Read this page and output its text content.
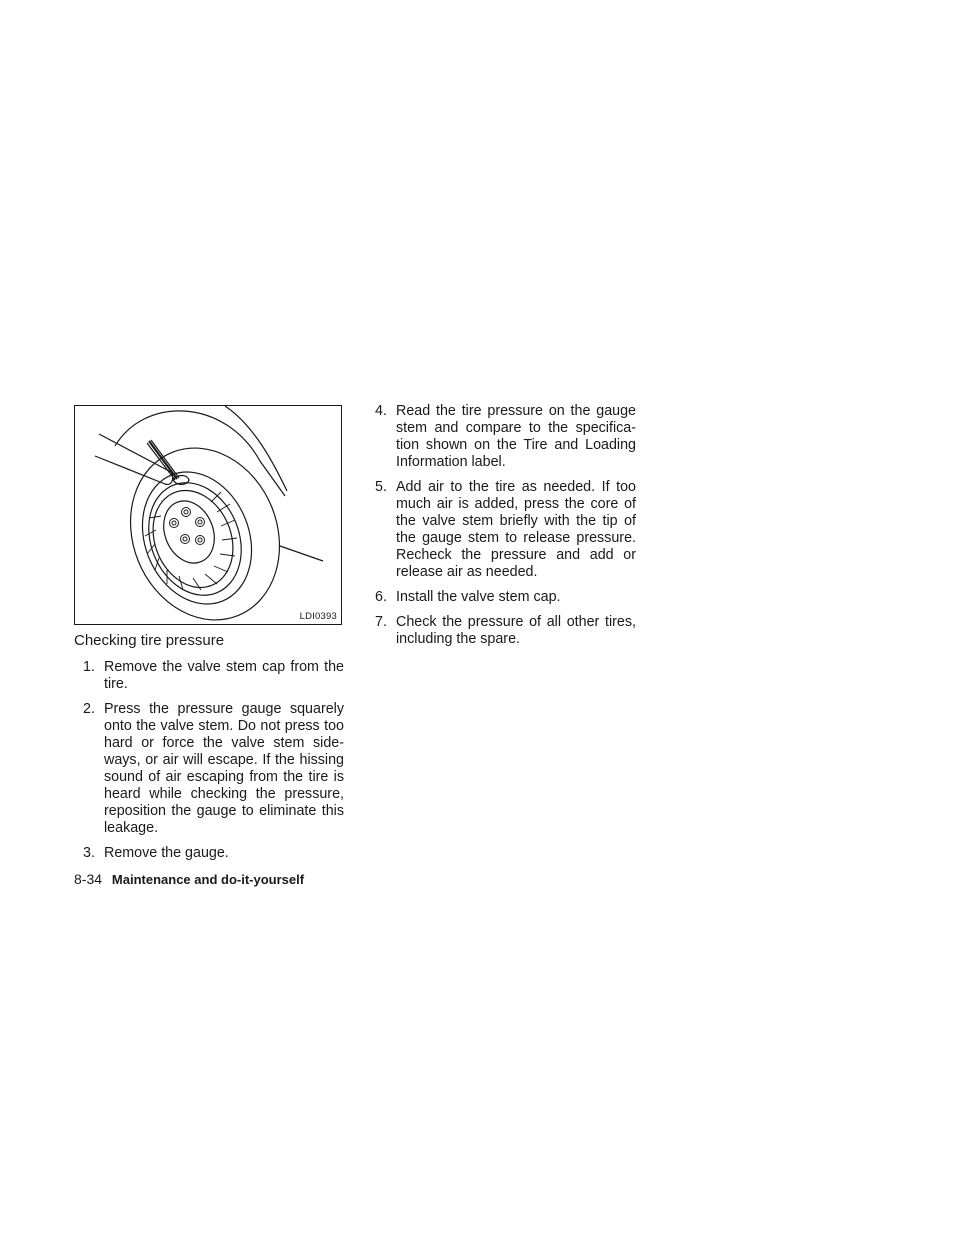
LDI0393
Checking tire pressure
1. Remove the valve stem cap from the tire.
2. Press the pressure gauge squarely onto the valve stem. Do not press too hard or force the valve stem side-ways, or air will escape. If the hissing sound of air escaping from the tire is heard while checking the pressure, reposition the gauge to eliminate this leakage.
3. Remove the gauge.
4. Read the tire pressure on the gauge stem and compare to the specifica-tion shown on the Tire and Loading Information label.
5. Add air to the tire as needed. If too much air is added, press the core of the valve stem briefly with the tip of the gauge stem to release pressure. Recheck the pressure and add or release air as needed.
6. Install the valve stem cap.
7. Check the pressure of all other tires, including the spare.
8-34 Maintenance and do-it-yourself
